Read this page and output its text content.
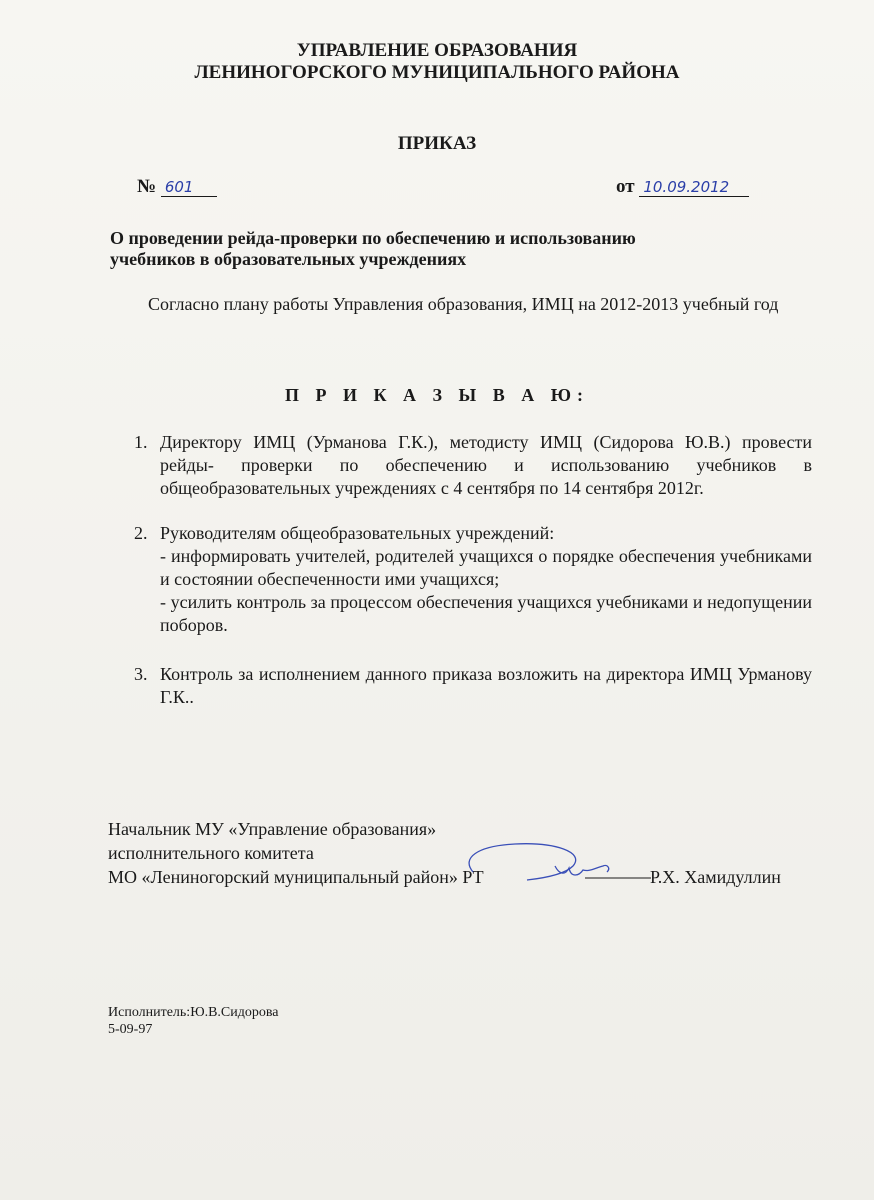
УПРАВЛЕНИЕ ОБРАЗОВАНИЯ
ЛЕНИНОГОРСКОГО МУНИЦИПАЛЬНОГО РАЙОНА
ПРИКАЗ
№ 601	от 10.09.2012
О проведении рейда-проверки по обеспечению и использованию
учебников в образовательных учреждениях
Согласно плану работы Управления образования, ИМЦ на 2012-2013 учебный год
П Р И К А З Ы В А Ю:
1. Директору ИМЦ (Урманова Г.К.), методисту ИМЦ (Сидорова Ю.В.) провести рейды- проверки по обеспечению и использованию учебников в общеобразовательных учреждениях с 4 сентября по 14 сентября 2012г.

2. Руководителям общеобразовательных учреждений:

- информировать учителей, родителей учащихся о порядке обеспечения учебниками и состоянии обеспеченности ими учащихся;

- усилить контроль за процессом обеспечения учащихся учебниками и недопущении поборов.

3. Контроль за исполнением данного приказа возложить на директора ИМЦ Урманову Г.К..

Начальник МУ «Управление образования»
исполнительного комитета
МО «Лениногорский муниципальный район» РТ	Р.Х. Хамидуллин
Исполнитель:Ю.В.Сидорова
5-09-97
